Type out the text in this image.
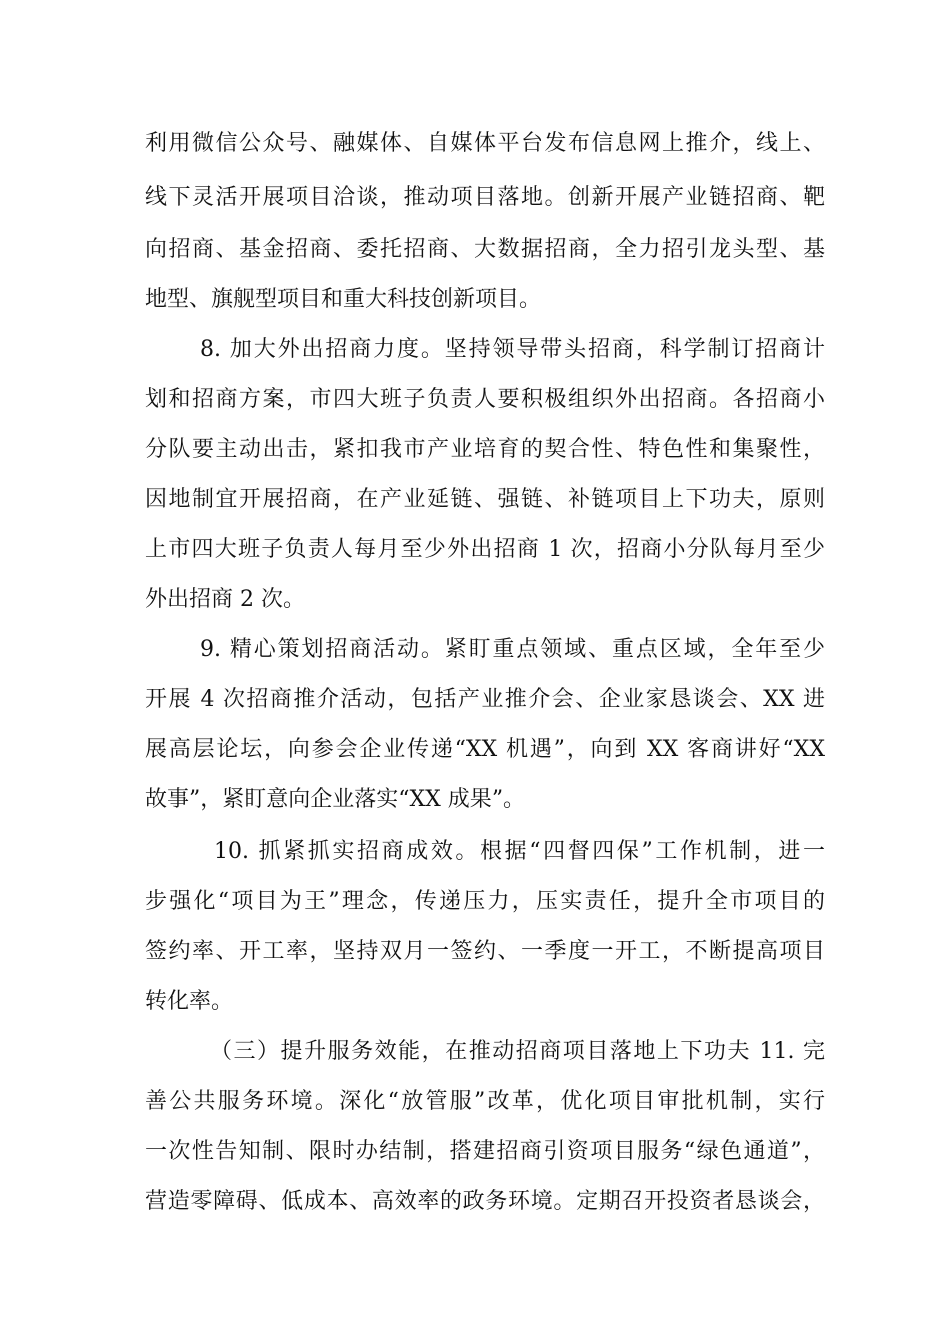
利用微信公众号、融媒体、自媒体平台发布信息网上推介，线上、
线下灵活开展项目洽谈，推动项目落地。创新开展产业链招商、靶
向招商、基金招商、委托招商、大数据招商，全力招引龙头型、基
地型、旗舰型项目和重大科技创新项目。
8. 加大外出招商力度。坚持领导带头招商，科学制订招商计
划和招商方案，市四大班子负责人要积极组织外出招商。各招商小
分队要主动出击，紧扣我市产业培育的契合性、特色性和集聚性，
因地制宜开展招商，在产业延链、强链、补链项目上下功夫，原则
上市四大班子负责人每月至少外出招商 1 次，招商小分队每月至少
外出招商 2 次。
9. 精心策划招商活动。紧盯重点领域、重点区域，全年至少
开展 4 次招商推介活动，包括产业推介会、企业家恳谈会、XX 进
展高层论坛，向参会企业传递“XX 机遇”，向到 XX 客商讲好“XX
故事”，紧盯意向企业落实“XX 成果”。
10. 抓紧抓实招商成效。根据“四督四保”工作机制，进一
步强化“项目为王”理念，传递压力，压实责任，提升全市项目的
签约率、开工率，坚持双月一签约、一季度一开工，不断提高项目
转化率。
（三）提升服务效能，在推动招商项目落地上下功夫 11. 完
善公共服务环境。深化“放管服”改革，优化项目审批机制，实行
一次性告知制、限时办结制，搭建招商引资项目服务“绿色通道”，
营造零障碍、低成本、高效率的政务环境。定期召开投资者恳谈会，
